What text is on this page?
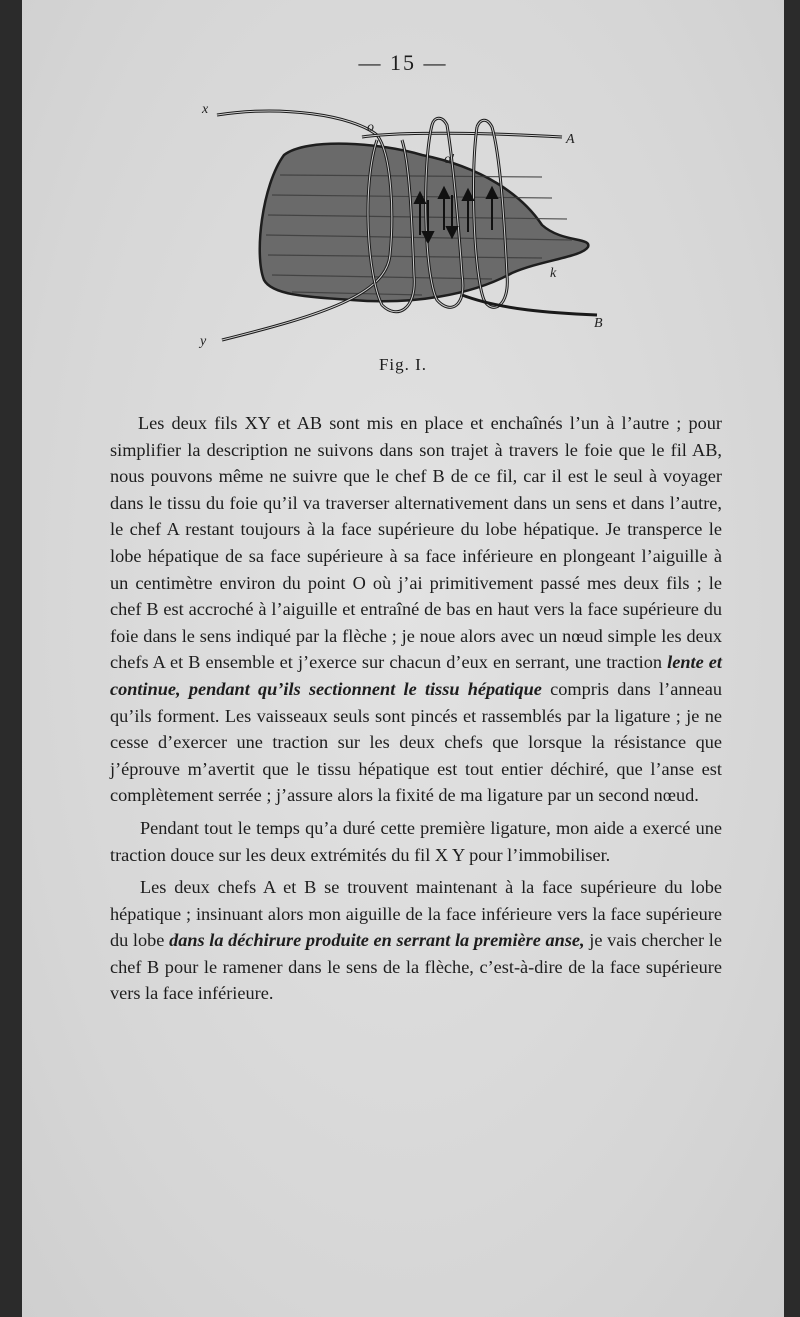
— 15 —
x
A
y
B
k
o
o'
Fig. I.

Les deux fils XY et AB sont mis en place et enchaînés l’un à l’autre ; pour simplifier la description ne suivons dans son trajet à travers le foie que le fil AB, nous pouvons même ne suivre que le chef B de ce fil, car il est le seul à voyager dans le tissu du foie qu’il va traverser alternativement dans un sens et dans l’autre, le chef A restant toujours à la face supérieure du lobe hépatique. Je transperce le lobe hépatique de sa face supérieure à sa face inférieure en plongeant l’aiguille à un centimètre environ du point O où j’ai primitivement passé mes deux fils ; le chef B est accroché à l’aiguille et entraîné de bas en haut vers la face supérieure du foie dans le sens indiqué par la flèche ; je noue alors avec un nœud simple les deux chefs A et B ensemble et j’exerce sur chacun d’eux en serrant, une traction lente et continue, pendant qu’ils sectionnent le tissu hépatique compris dans l’anneau qu’ils forment. Les vaisseaux seuls sont pincés et rassemblés par la ligature ; je ne cesse d’exercer une traction sur les deux chefs que lorsque la résistance que j’éprouve m’avertit que le tissu hépatique est tout entier déchiré, que l’anse est complètement serrée ; j’assure alors la fixité de ma ligature par un second nœud.

Pendant tout le temps qu’a duré cette première ligature, mon aide a exercé une traction douce sur les deux extrémités du fil X Y pour l’immobiliser.

Les deux chefs A et B se trouvent maintenant à la face supérieure du lobe hépatique ; insinuant alors mon aiguille de la face inférieure vers la face supérieure du lobe dans la déchirure produite en serrant la première anse, je vais chercher le chef B pour le ramener dans le sens de la flèche, c’est-à-dire de la face supérieure vers la face inférieure.
